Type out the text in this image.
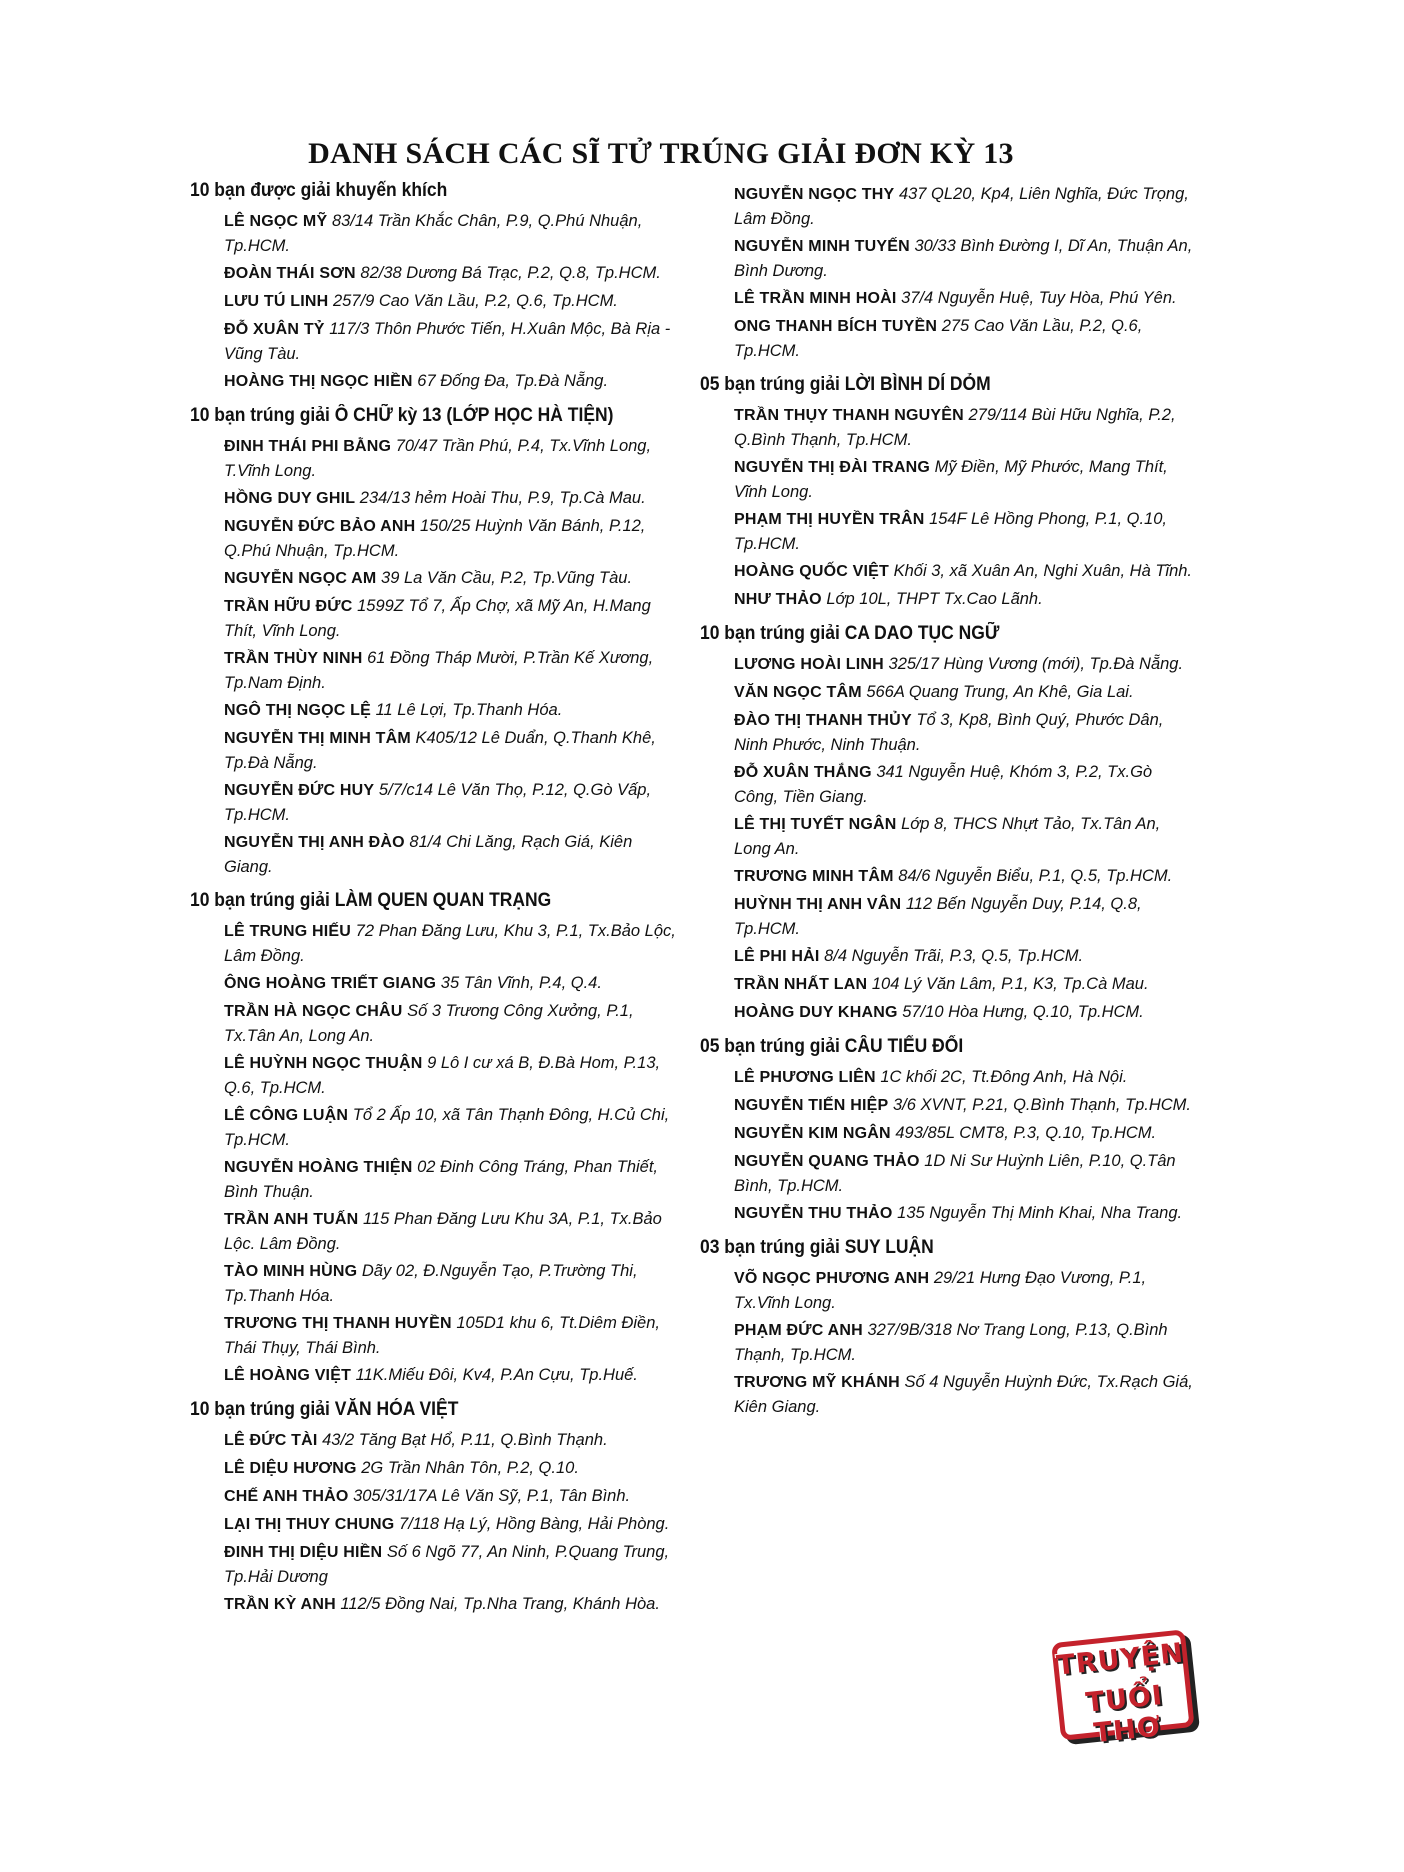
DANH SÁCH CÁC SĨ TỬ TRÚNG GIẢI ĐƠN KỲ 13
10 bạn được giải khuyến khích
LÊ NGỌC MỸ 83/14 Trần Khắc Chân, P.9, Q.Phú Nhuận, Tp.HCM.
ĐOÀN THÁI SƠN 82/38 Dương Bá Trạc, P.2, Q.8, Tp.HCM.
LƯU TÚ LINH 257/9 Cao Văn Lầu, P.2, Q.6, Tp.HCM.
ĐỖ XUÂN TỶ 117/3 Thôn Phước Tiến, H.Xuân Mộc, Bà Rịa - Vũng Tàu.
HOÀNG THỊ NGỌC HIỀN 67 Đống Đa, Tp.Đà Nẵng.
10 bạn trúng giải Ô CHỮ kỳ 13 (LỚP HỌC HÀ TIỆN)
ĐINH THÁI PHI BẰNG 70/47 Trần Phú, P.4, Tx.Vĩnh Long, T.Vĩnh Long.
HỒNG DUY GHIL 234/13 hẻm Hoài Thu, P.9, Tp.Cà Mau.
NGUYỄN ĐỨC BẢO ANH 150/25 Huỳnh Văn Bánh, P.12, Q.Phú Nhuận, Tp.HCM.
NGUYỄN NGỌC AM 39 La Văn Cầu, P.2, Tp.Vũng Tàu.
TRẦN HỮU ĐỨC 1599Z Tổ 7, Ấp Chợ, xã Mỹ An, H.Mang Thít, Vĩnh Long.
TRẦN THÙY NINH 61 Đồng Tháp Mười, P.Trần Kế Xương, Tp.Nam Định.
NGÔ THỊ NGỌC LỆ 11 Lê Lợi, Tp.Thanh Hóa.
NGUYỄN THỊ MINH TÂM K405/12 Lê Duẩn, Q.Thanh Khê, Tp.Đà Nẵng.
NGUYỄN ĐỨC HUY 5/7/c14 Lê Văn Thọ, P.12, Q.Gò Vấp, Tp.HCM.
NGUYỄN THỊ ANH ĐÀO 81/4 Chi Lăng, Rạch Giá, Kiên Giang.
10 bạn trúng giải LÀM QUEN QUAN TRẠNG
LÊ TRUNG HIẾU 72 Phan Đăng Lưu, Khu 3, P.1, Tx.Bảo Lộc, Lâm Đồng.
ÔNG HOÀNG TRIẾT GIANG 35 Tân Vĩnh, P.4, Q.4.
TRẦN HÀ NGỌC CHÂU Số 3 Trương Công Xưởng, P.1, Tx.Tân An, Long An.
LÊ HUỲNH NGỌC THUẬN 9 Lô I cư xá B, Đ.Bà Hom, P.13, Q.6, Tp.HCM.
LÊ CÔNG LUẬN Tổ 2 Ấp 10, xã Tân Thạnh Đông, H.Củ Chi, Tp.HCM.
NGUYỄN HOÀNG THIỆN 02 Đinh Công Tráng, Phan Thiết, Bình Thuận.
TRẦN ANH TUẤN 115 Phan Đăng Lưu Khu 3A, P.1, Tx.Bảo Lộc. Lâm Đồng.
TÀO MINH HÙNG Dãy 02, Đ.Nguyễn Tạo, P.Trường Thi, Tp.Thanh Hóa.
TRƯƠNG THỊ THANH HUYỀN 105D1 khu 6, Tt.Diêm Điền, Thái Thụy, Thái Bình.
LÊ HOÀNG VIỆT 11K.Miếu Đôi, Kv4, P.An Cựu, Tp.Huế.
10 bạn trúng giải VĂN HÓA VIỆT
LÊ ĐỨC TÀI 43/2 Tăng Bạt Hổ, P.11, Q.Bình Thạnh.
LÊ DIỆU HƯƠNG 2G Trần Nhân Tôn, P.2, Q.10.
CHẾ ANH THẢO 305/31/17A Lê Văn Sỹ, P.1, Tân Bình.
LẠI THỊ THUY CHUNG 7/118 Hạ Lý, Hồng Bàng, Hải Phòng.
ĐINH THỊ DIỆU HIỀN Số 6 Ngõ 77, An Ninh, P.Quang Trung, Tp.Hải Dương
TRẦN KỲ ANH 112/5 Đồng Nai, Tp.Nha Trang, Khánh Hòa.
NGUYỄN NGỌC THY 437 QL20, Kp4, Liên Nghĩa, Đức Trọng, Lâm Đồng.
NGUYỄN MINH TUYẾN 30/33 Bình Đường I, Dĩ An, Thuận An, Bình Dương.
LÊ TRẦN MINH HOÀI 37/4 Nguyễn Huệ, Tuy Hòa, Phú Yên.
ONG THANH BÍCH TUYỀN 275 Cao Văn Lầu, P.2, Q.6, Tp.HCM.
05 bạn trúng giải LỜI BÌNH DÍ DỎM
TRẦN THỤY THANH NGUYÊN 279/114 Bùi Hữu Nghĩa, P.2, Q.Bình Thạnh, Tp.HCM.
NGUYỄN THỊ ĐÀI TRANG Mỹ Điền, Mỹ Phước, Mang Thít, Vĩnh Long.
PHẠM THỊ HUYỀN TRÂN 154F Lê Hồng Phong, P.1, Q.10, Tp.HCM.
HOÀNG QUỐC VIỆT Khối 3, xã Xuân An, Nghi Xuân, Hà Tĩnh.
NHƯ THẢO Lớp 10L, THPT Tx.Cao Lãnh.
10 bạn trúng giải CA DAO TỤC NGỮ
LƯƠNG HOÀI LINH 325/17 Hùng Vương (mới), Tp.Đà Nẵng.
VĂN NGỌC TÂM 566A Quang Trung, An Khê, Gia Lai.
ĐÀO THỊ THANH THỦY Tổ 3, Kp8, Bình Quý, Phước Dân, Ninh Phước, Ninh Thuận.
ĐỖ XUÂN THẮNG 341 Nguyễn Huệ, Khóm 3, P.2, Tx.Gò Công, Tiền Giang.
LÊ THỊ TUYẾT NGÂN Lớp 8, THCS Nhựt Tảo, Tx.Tân An, Long An.
TRƯƠNG MINH TÂM 84/6 Nguyễn Biểu, P.1, Q.5, Tp.HCM.
HUỲNH THỊ ANH VÂN 112 Bến Nguyễn Duy, P.14, Q.8, Tp.HCM.
LÊ PHI HẢI 8/4 Nguyễn Trãi, P.3, Q.5, Tp.HCM.
TRẦN NHẤT LAN 104 Lý Văn Lâm, P.1, K3, Tp.Cà Mau.
HOÀNG DUY KHANG 57/10 Hòa Hưng, Q.10, Tp.HCM.
05 bạn trúng giải CÂU TIỂU ĐỐI
LÊ PHƯƠNG LIÊN 1C khối 2C, Tt.Đông Anh, Hà Nội.
NGUYỄN TIẾN HIỆP 3/6 XVNT, P.21, Q.Bình Thạnh, Tp.HCM.
NGUYỄN KIM NGÂN 493/85L CMT8, P.3, Q.10, Tp.HCM.
NGUYỄN QUANG THẢO 1D Ni Sư Huỳnh Liên, P.10, Q.Tân Bình, Tp.HCM.
NGUYỄN THU THẢO 135 Nguyễn Thị Minh Khai, Nha Trang.
03 bạn trúng giải SUY LUẬN
VÕ NGỌC PHƯƠNG ANH 29/21 Hưng Đạo Vương, P.1, Tx.Vĩnh Long.
PHẠM ĐỨC ANH 327/9B/318 Nơ Trang Long, P.13, Q.Bình Thạnh, Tp.HCM.
TRƯƠNG MỸ KHÁNH Số 4 Nguyễn Huỳnh Đức, Tx.Rạch Giá, Kiên Giang.
TRUYỆN
TUỔI THƠ
